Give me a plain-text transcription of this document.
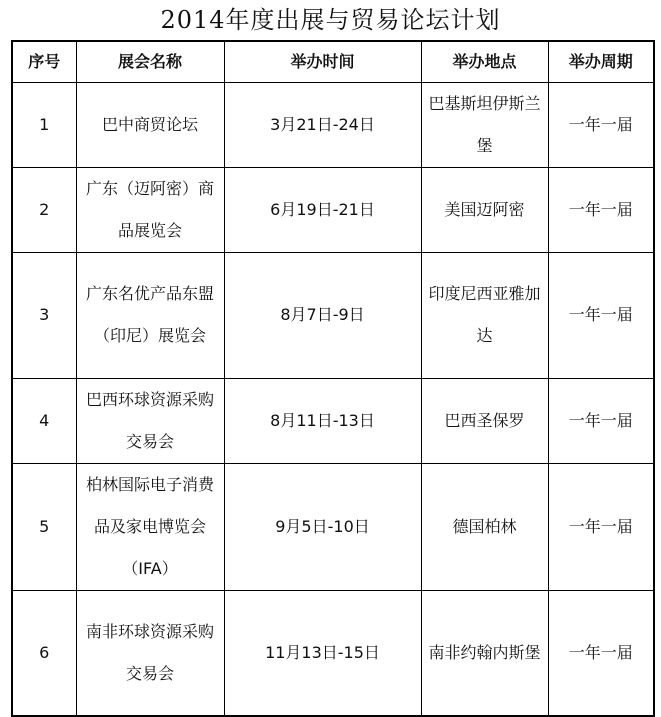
2014年度出展与贸易论坛计划
序号	展会名称	举办时间	举办地点	举办周期
1	巴中商贸论坛	3月21日-24日	巴基斯坦伊斯兰堡	一年一届
2	广东（迈阿密）商品展览会	6月19日-21日	美国迈阿密	一年一届
3	广东名优产品东盟（印尼）展览会	8月7日-9日	印度尼西亚雅加达	一年一届
4	巴西环球资源采购交易会	8月11日-13日	巴西圣保罗	一年一届
5	柏林国际电子消费品及家电博览会（IFA）	9月5日-10日	德国柏林	一年一届
6	南非环球资源采购交易会	11月13日-15日	南非约翰内斯堡	一年一届
